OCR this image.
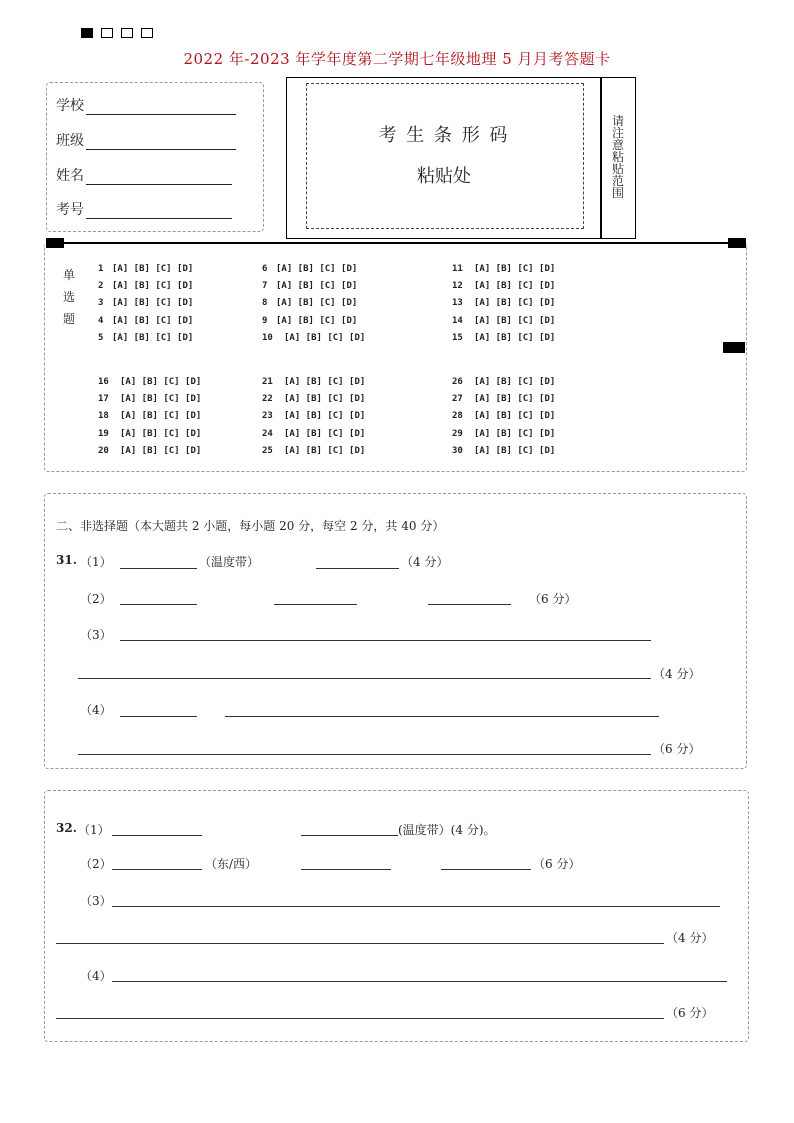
2022 年-2023 年学年度第二学期七年级地理 5 月月考答题卡
学校
班级
姓名
考号
考 生 条 形 码
粘贴处
请注意粘贴范围
单选题
1 [A] [B] [C] [D]
2 [A] [B] [C] [D]
3 [A] [B] [C] [D]
4 [A] [B] [C] [D]
5 [A] [B] [C] [D]
6 [A] [B] [C] [D]
7 [A] [B] [C] [D]
8 [A] [B] [C] [D]
9 [A] [B] [C] [D]
10 [A] [B] [C] [D]
11 [A] [B] [C] [D]
12 [A] [B] [C] [D]
13 [A] [B] [C] [D]
14 [A] [B] [C] [D]
15 [A] [B] [C] [D]
16 [A] [B] [C] [D]
17 [A] [B] [C] [D]
18 [A] [B] [C] [D]
19 [A] [B] [C] [D]
20 [A] [B] [C] [D]
21 [A] [B] [C] [D]
22 [A] [B] [C] [D]
23 [A] [B] [C] [D]
24 [A] [B] [C] [D]
25 [A] [B] [C] [D]
26 [A] [B] [C] [D]
27 [A] [B] [C] [D]
28 [A] [B] [C] [D]
29 [A] [B] [C] [D]
30 [A] [B] [C] [D]
二、非选择题（本大题共 2 小题，每小题 20 分，每空 2 分，共 40 分）
31. （1）	（温度带）	（4 分）
（2）	（6 分）
（3）
（4 分）
（4）
（6 分）
32. （1）	(温度带）(4 分)。
（2）	（东/西）	（6 分）
（3）
（4 分）
（4）
（6 分）
